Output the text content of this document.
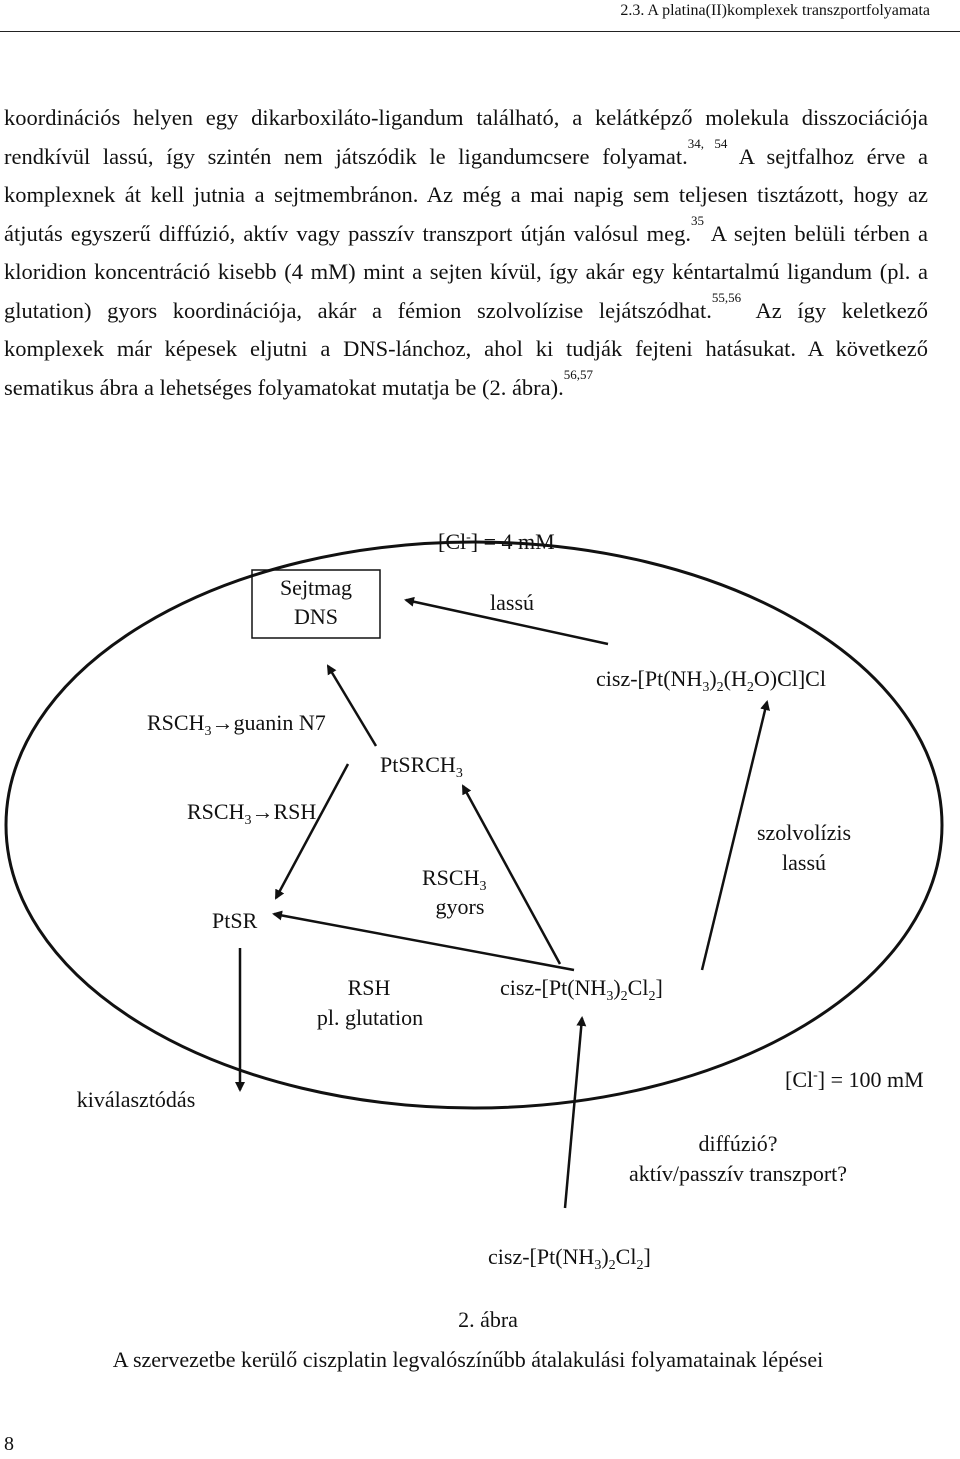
2.3. A platina(II)komplexek transzportfolyamata

koordinációs helyen egy dikarboxiláto-ligandum található, a kelátképző molekula disszociációja rendkívül lassú, így szintén nem játszódik le ligandumcsere folyamat.$^{34, 54}$ A sejtfalhoz érve a komplexnek át kell jutnia a sejtmembránon. Az még a mai napig sem teljesen tisztázott, hogy az átjutás egyszerű diffúzió, aktív vagy passzív transzport útján valósul meg.$^{35}$ A sejten belüli térben a kloridion koncentráció kisebb (4 mM) mint a sejten kívül, így akár egy kéntartalmú ligandum (pl. a glutation) gyors koordinációja, akár a fémion szolvolízise lejátszódhat.$^{55,56}$ Az így keletkező komplexek már képesek eljutni a DNS-lánchoz, ahol ki tudják fejteni hatásukat. A következő sematikus ábra a lehetséges folyamatokat mutatja be (2. ábra).$^{56,57}$

[Cl-] = 4 mM
Sejtmag
DNS
lassú
cisz-$[Pt(NH_3)_2(H_2O)Cl]Cl$
$RSCH_3\to guanin$ N7
PtSRCH$_3$
$RSCH_3\to RSH$
szolvolízis
lassú
$RSCH_3$
gyors
PtSR
RSH
pl. glutation
cisz-$[Pt(NH_3)_2Cl_2]$
kiválasztódás
[Cl-] = 100 mM
diffúzió?
aktív/passzív transzport?
cisz-$[Pt(NH_3)_2Cl_2]$
2. ábra
A szervezetbe kerülő ciszplatin legvalószínűbb átalakulási folyamatainak lépései
8
